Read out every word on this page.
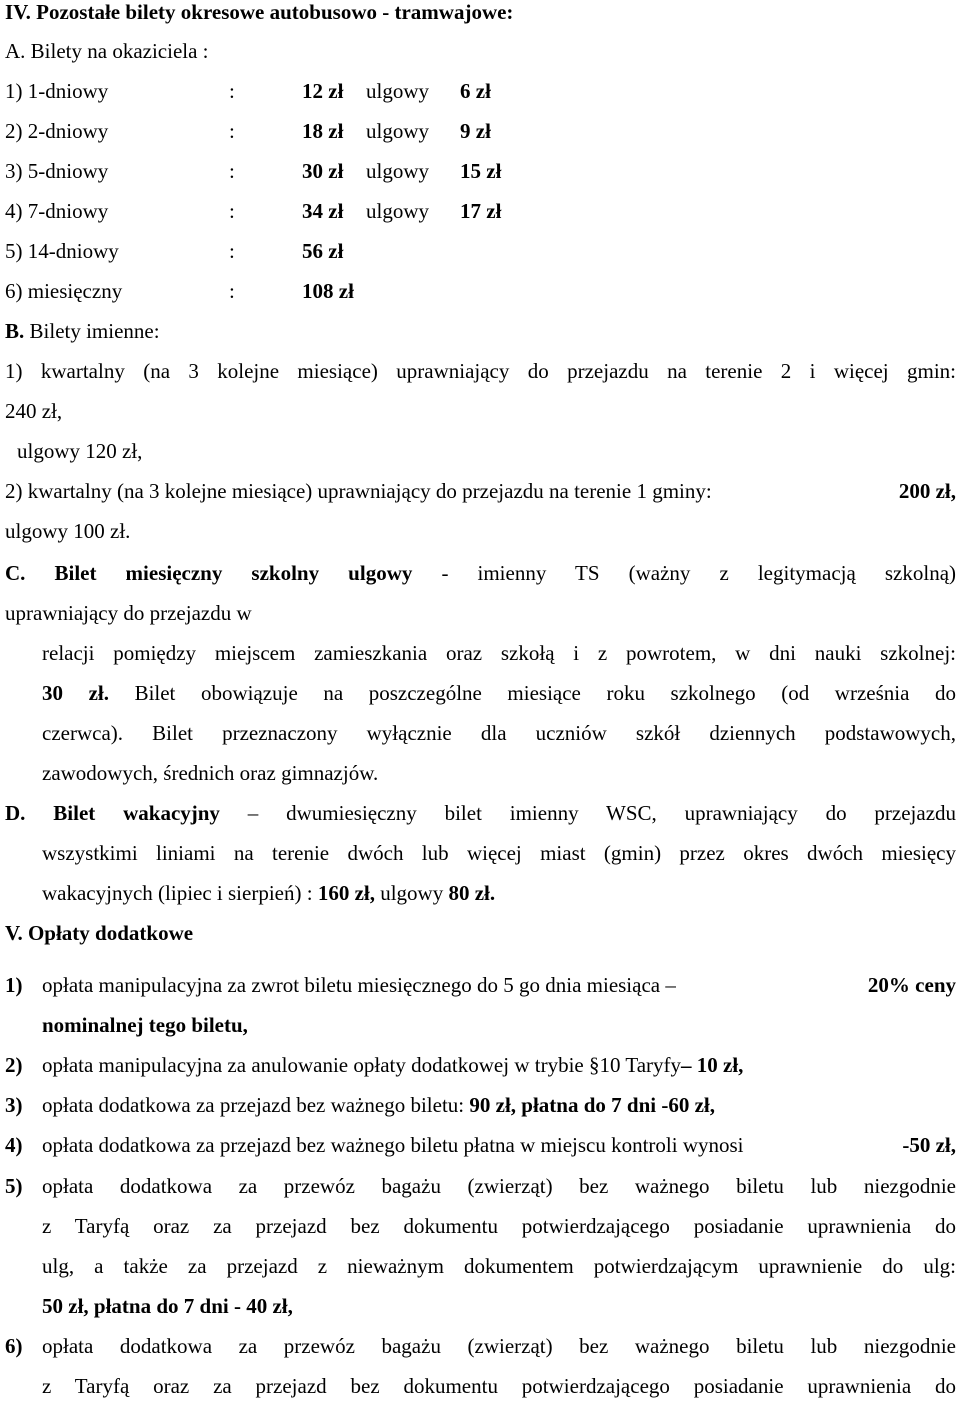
IV. Pozostałe bilety okresowe autobusowo - tramwajowe:
A. Bilety na okaziciela :
1) 1-dniowy	:	12 zł ulgowy 6 zł
2) 2-dniowy	:	18 zł ulgowy 9 zł
3) 5-dniowy	:	30 zł ulgowy 15 zł
4) 7-dniowy	:	34 zł ulgowy 17 zł
5) 14-dniowy	:	56 zł
6) miesięczny	:	108 zł
B. Bilety imienne:
1) kwartalny (na 3 kolejne miesiące) uprawniający do przejazdu na terenie 2 i więcej gmin:
240 zł,
ulgowy 120 zł,
2) kwartalny (na 3 kolejne miesiące) uprawniający do przejazdu na terenie 1 gminy:	200 zł,
ulgowy 100 zł.
C. Bilet miesięczny szkolny ulgowy - imienny TS (ważny z legitymacją szkolną)
uprawniający do przejazdu w
relacji pomiędzy miejscem zamieszkania oraz szkołą i z powrotem, w dni nauki szkolnej:
30 zł. Bilet obowiązuje na poszczególne miesiące roku szkolnego (od września do
czerwca). Bilet przeznaczony wyłącznie dla uczniów szkół dziennych podstawowych,
zawodowych, średnich oraz gimnazjów.
D. Bilet wakacyjny – dwumiesięczny bilet imienny WSC, uprawniający do przejazdu
wszystkimi liniami na terenie dwóch lub więcej miast (gmin) przez okres dwóch miesięcy
wakacyjnych (lipiec i sierpień) : 160 zł, ulgowy 80 zł.
V. Opłaty dodatkowe
1) opłata manipulacyjna za zwrot biletu miesięcznego do 5 go dnia miesiąca –	20% ceny
nominalnej tego biletu,
2) opłata manipulacyjna za anulowanie opłaty dodatkowej w trybie §10 Taryfy– 10 zł,
3) opłata dodatkowa za przejazd bez ważnego biletu: 90 zł, płatna do 7 dni -60 zł,
4) opłata dodatkowa za przejazd bez ważnego biletu płatna w miejscu kontroli wynosi	-50 zł,
5) opłata dodatkowa za przewóz bagażu (zwierząt) bez ważnego biletu lub niezgodnie
z Taryfą oraz za przejazd bez dokumentu potwierdzającego posiadanie uprawnienia do
ulg, a także za przejazd z nieważnym dokumentem potwierdzającym uprawnienie do ulg:
50 zł, płatna do 7 dni - 40 zł,
6) opłata dodatkowa za przewóz bagażu (zwierząt) bez ważnego biletu lub niezgodnie
z Taryfą oraz za przejazd bez dokumentu potwierdzającego posiadanie uprawnienia do
